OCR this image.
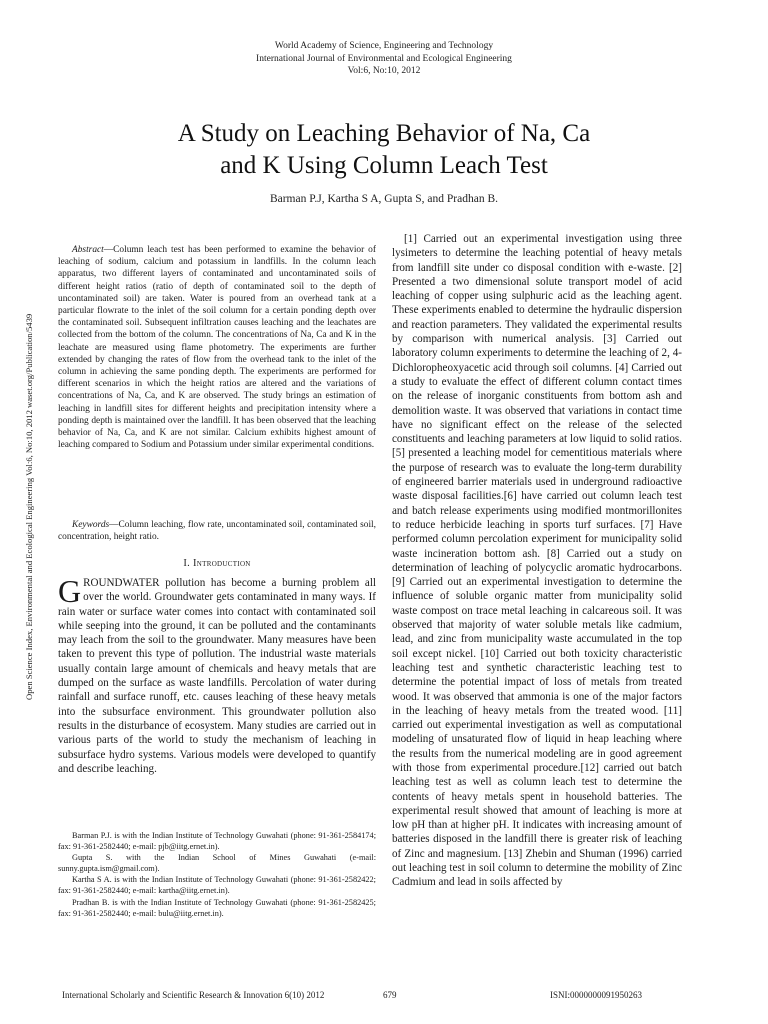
World Academy of Science, Engineering and Technology
International Journal of Environmental and Ecological Engineering
Vol:6, No:10, 2012
A Study on Leaching Behavior of Na, Ca
and K Using Column Leach Test
Barman P.J, Kartha S A, Gupta S, and Pradhan B.
Open Science Index, Environmental and Ecological Engineering Vol:6, No:10, 2012 waset.org/Publication/5439

Abstract—Column leach test has been performed to examine the behavior of leaching of sodium, calcium and potassium in landfills. In the column leach apparatus, two different layers of contaminated and uncontaminated soils of different height ratios (ratio of depth of contaminated soil to the depth of uncontaminated soil) are taken. Water is poured from an overhead tank at a particular flowrate to the inlet of the soil column for a certain ponding depth over the contaminated soil. Subsequent infiltration causes leaching and the leachates are collected from the bottom of the column. The concentrations of Na, Ca and K in the leachate are measured using flame photometry. The experiments are further extended by changing the rates of flow from the overhead tank to the inlet of the column in achieving the same ponding depth. The experiments are performed for different scenarios in which the height ratios are altered and the variations of concentrations of Na, Ca, and K are observed. The study brings an estimation of leaching in landfill sites for different heights and precipitation intensity where a ponding depth is maintained over the landfill. It has been observed that the leaching behavior of Na, Ca, and K are not similar. Calcium exhibits highest amount of leaching compared to Sodium and Potassium under similar experimental conditions.

Keywords—Column leaching, flow rate, uncontaminated soil, contaminated soil, concentration, height ratio.

I. Introduction

GROUNDWATER pollution has become a burning problem all over the world. Groundwater gets contaminated in many ways. If rain water or surface water comes into contact with contaminated soil while seeping into the ground, it can be polluted and the contaminants may leach from the soil to the groundwater. Many measures have been taken to prevent this type of pollution. The industrial waste materials usually contain large amount of chemicals and heavy metals that are dumped on the surface as waste landfills. Percolation of water during rainfall and surface runoff, etc. causes leaching of these heavy metals into the subsurface environment. This groundwater pollution also results in the disturbance of ecosystem. Many studies are carried out in various parts of the world to study the mechanism of leaching in subsurface hydro systems. Various models were developed to quantify and describe leaching.

Barman P.J. is with the Indian Institute of Technology Guwahati (phone: 91-361-2584174; fax: 91-361-2582440; e-mail: pjb@iitg.ernet.in).

Gupta S. with the Indian School of Mines Guwahati (e-mail: sunny.gupta.ism@gmail.com).

Kartha S A. is with the Indian Institute of Technology Guwahati (phone: 91-361-2582422; fax: 91-361-2582440; e-mail: kartha@iitg.ernet.in).

Pradhan B. is with the Indian Institute of Technology Guwahati (phone: 91-361-2582425; fax: 91-361-2582440; e-mail: bulu@iitg.ernet.in).

[1] Carried out an experimental investigation using three lysimeters to determine the leaching potential of heavy metals from landfill site under co disposal condition with e-waste. [2] Presented a two dimensional solute transport model of acid leaching of copper using sulphuric acid as the leaching agent. These experiments enabled to determine the hydraulic dispersion and reaction parameters. They validated the experimental results by comparison with numerical analysis. [3] Carried out laboratory column experiments to determine the leaching of 2, 4-Dichloropheoxyacetic acid through soil columns. [4] Carried out a study to evaluate the effect of different column contact times on the release of inorganic constituents from bottom ash and demolition waste. It was observed that variations in contact time have no significant effect on the release of the selected constituents and leaching parameters at low liquid to solid ratios. [5] presented a leaching model for cementitious materials where the purpose of research was to evaluate the long-term durability of engineered barrier materials used in underground radioactive waste disposal facilities.[6] have carried out column leach test and batch release experiments using modified montmorillonites to reduce herbicide leaching in sports turf surfaces. [7] Have performed column percolation experiment for municipality solid waste incineration bottom ash. [8] Carried out a study on determination of leaching of polycyclic aromatic hydrocarbons. [9] Carried out an experimental investigation to determine the influence of soluble organic matter from municipality solid waste compost on trace metal leaching in calcareous soil. It was observed that majority of water soluble metals like cadmium, lead, and zinc from municipality waste accumulated in the top soil except nickel. [10] Carried out both toxicity characteristic leaching test and synthetic characteristic leaching test to determine the potential impact of loss of metals from treated wood. It was observed that ammonia is one of the major factors in the leaching of heavy metals from the treated wood. [11] carried out experimental investigation as well as computational modeling of unsaturated flow of liquid in heap leaching where the results from the numerical modeling are in good agreement with those from experimental procedure.[12] carried out batch leaching test as well as column leach test to determine the contents of heavy metals spent in household batteries. The experimental result showed that amount of leaching is more at low pH than at higher pH. It indicates with increasing amount of batteries disposed in the landfill there is greater risk of leaching of Zinc and magnesium. [13] Zhebin and Shuman (1996) carried out leaching test in soil column to determine the mobility of Zinc Cadmium and lead in soils affected by

International Scholarly and Scientific Research & Innovation 6(10) 2012	679	ISNI:0000000091950263
